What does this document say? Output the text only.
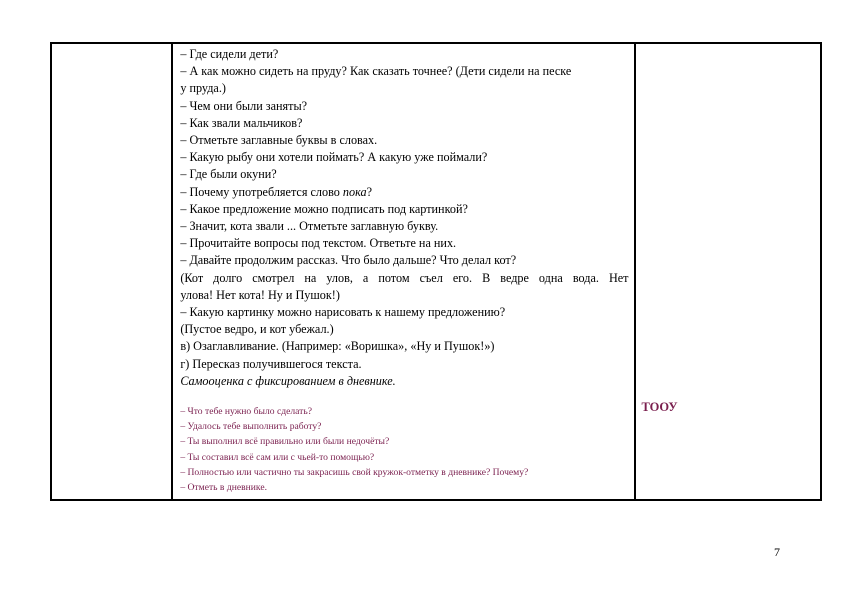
– Где сидели дети?

– А как можно сидеть на пруду? Как сказать точнее? (Дети сидели на песке

у пруда.)

– Чем они были заняты?

– Как звали мальчиков?

– Отметьте заглавные буквы в словах.

– Какую рыбу они хотели поймать? А какую уже поймали?

– Где были окуни?

– Почему употребляется слово пока?

– Какое предложение можно подписать под картинкой?

– Значит, кота звали ... Отметьте заглавную букву.

– Прочитайте вопросы под текстом. Ответьте на них.

– Давайте продолжим рассказ. Что было дальше? Что делал кот?

(Кот долго смотрел на улов, а потом съел его. В ведре одна вода. Нет

улова! Нет кота! Ну и Пушок!)

– Какую картинку можно нарисовать к нашему предложению?

(Пустое ведро, и кот убежал.)

в) Озаглавливание. (Например: «Воришка», «Ну и Пушок!»)

г) Пересказ получившегося текста.

Самооценка с фиксированием в дневнике.

– Что тебе нужно было сделать?

– Удалось тебе выполнить работу?

– Ты выполнил всё правильно или были недочёты?

– Ты составил всё сам или с чьей-то помощью?

– Полностью или частично ты закрасишь свой кружок-отметку в дневнике? Почему?

– Отметь в дневнике.

ТООУ
7
